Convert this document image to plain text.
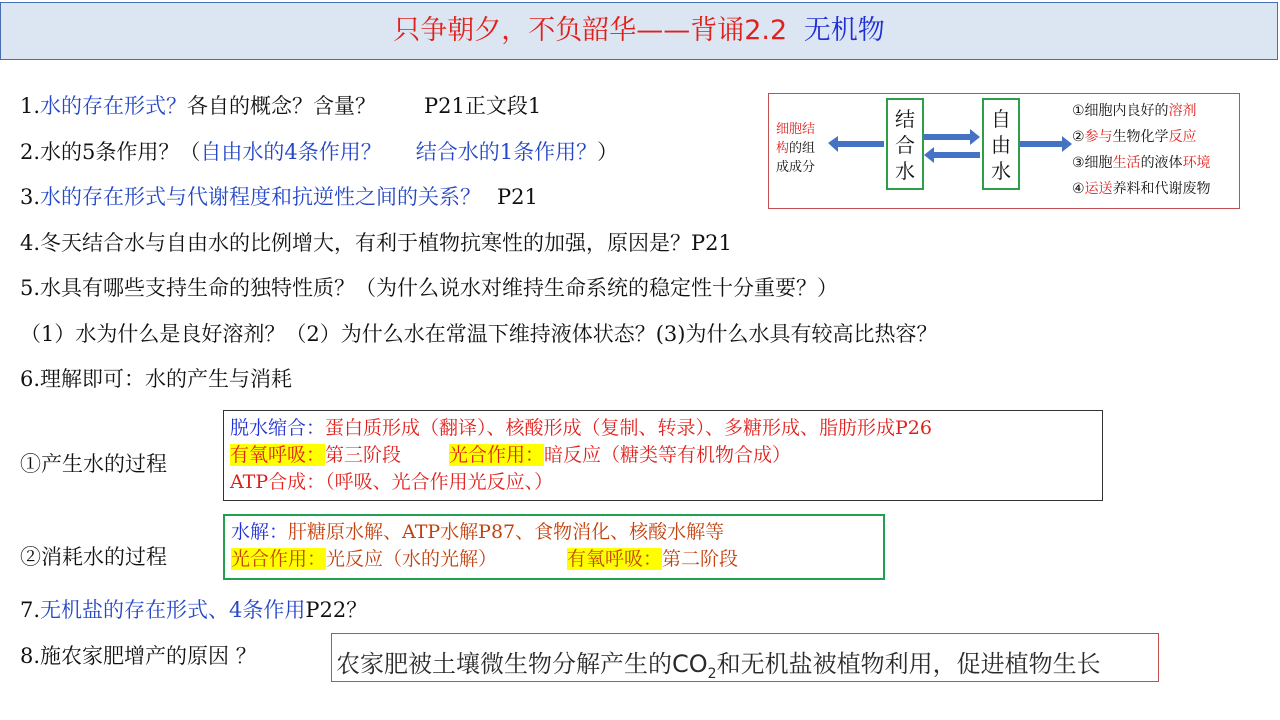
只争朝夕，不负韶华——背诵2.2 无机物
1.水的存在形式？各自的概念？含量？ P21正文段1
2.水的5条作用？（自由水的4条作用？ 结合水的1条作用？）
3.水的存在形式与代谢程度和抗逆性之间的关系？ P21
4.冬天结合水与自由水的比例增大，有利于植物抗寒性的加强，原因是？P21
5.水具有哪些支持生命的独特性质？（为什么说水对维持生命系统的稳定性十分重要？）
（1）水为什么是良好溶剂？（2）为什么水在常温下维持液体状态？(3)为什么水具有较高比热容？
6.理解即可：水的产生与消耗
细胞结
构的组
成成分
结合水
自由水
①细胞内良好的溶剂
②参与生物化学反应
③细胞生活的液体环境
④运送养料和代谢废物
①产生水的过程
脱水缩合：蛋白质形成（翻译）、核酸形成（复制、转录）、多糖形成、脂肪形成P26
有氧呼吸：第三阶段	光合作用：暗反应（糖类等有机物合成）
ATP合成：（呼吸、光合作用光反应、）
②消耗水的过程
水解：肝糖原水解、ATP水解P87、食物消化、核酸水解等
光合作用：光反应（水的光解）	有氧呼吸：第二阶段
7.无机盐的存在形式、4条作用P22？
8.施农家肥增产的原因 ？	农家肥被土壤微生物分解产生的$CO_2$和无机盐被植物利用，促进植物生长
